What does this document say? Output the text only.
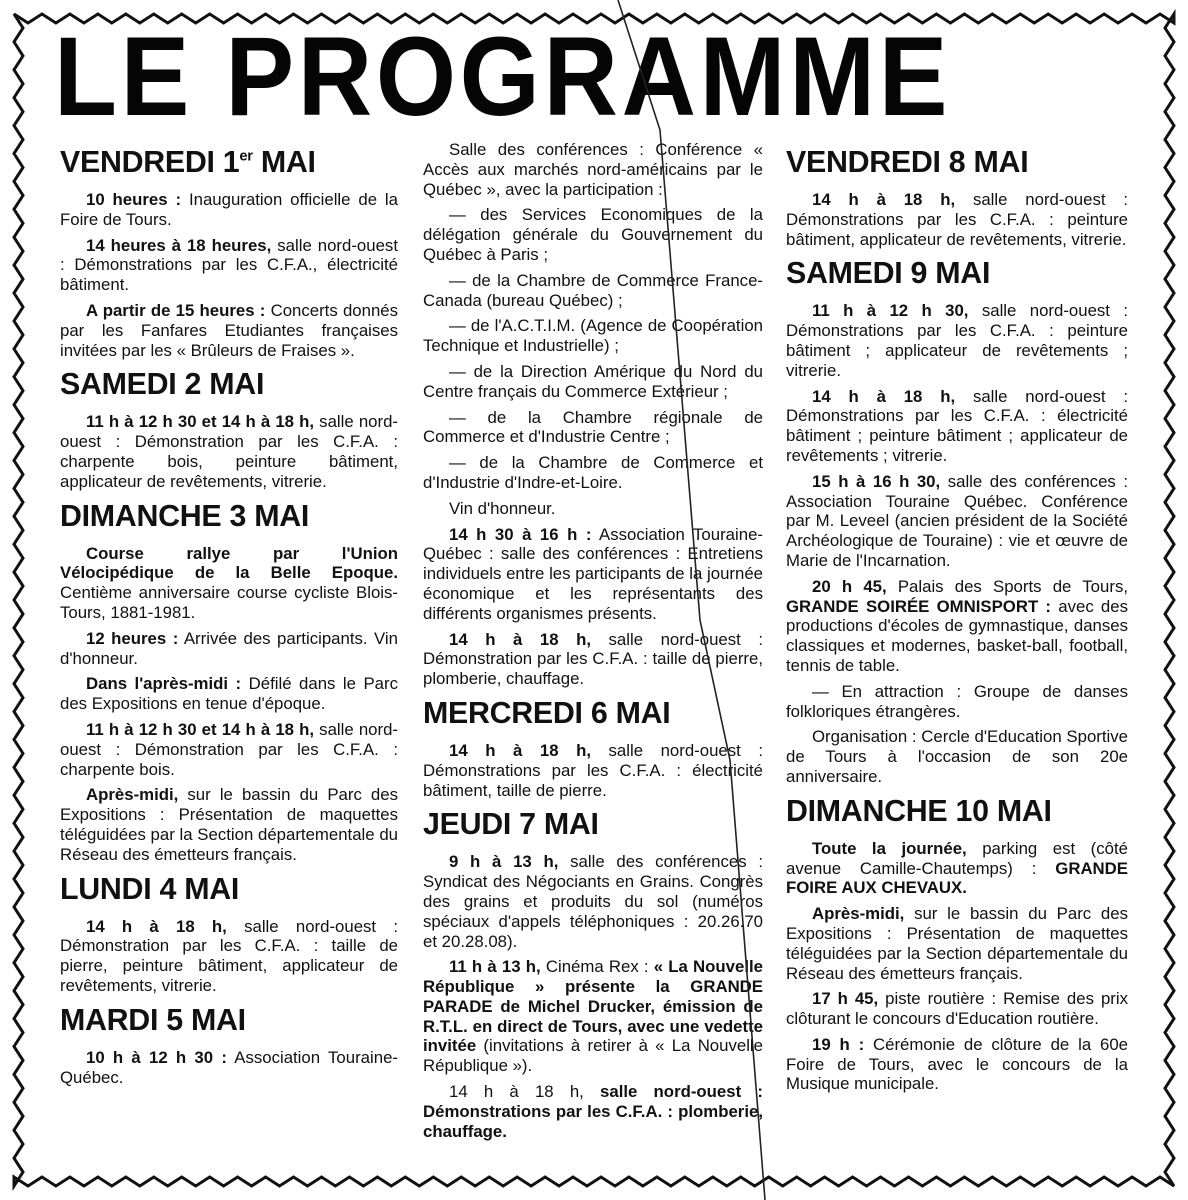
LE PROGRAMME
VENDREDI 1er MAI

10 heures : Inauguration officielle de la Foire de Tours.

14 heures à 18 heures, salle nord-ouest : Démonstrations par les C.F.A., électricité bâtiment.

A partir de 15 heures : Concerts donnés par les Fanfares Etudiantes françaises invitées par les « Brûleurs de Fraises ».

SAMEDI 2 MAI

11 h à 12 h 30 et 14 h à 18 h, salle nord-ouest : Démonstration par les C.F.A. : charpente bois, peinture bâtiment, applicateur de revêtements, vitrerie.

DIMANCHE 3 MAI

Course rallye par l'Union Vélocipédique de la Belle Epoque. Centième anniversaire course cycliste Blois-Tours, 1881-1981.

12 heures : Arrivée des participants. Vin d'honneur.

Dans l'après-midi : Défilé dans le Parc des Expositions en tenue d'époque.

11 h à 12 h 30 et 14 h à 18 h, salle nord-ouest : Démonstration par les C.F.A. : charpente bois.

Après-midi, sur le bassin du Parc des Expositions : Présentation de maquettes téléguidées par la Section départementale du Réseau des émetteurs français.

LUNDI 4 MAI

14 h à 18 h, salle nord-ouest : Démonstration par les C.F.A. : taille de pierre, peinture bâtiment, applicateur de revêtements, vitrerie.

MARDI 5 MAI

10 h à 12 h 30 : Association Touraine-Québec.

Salle des conférences : Conférence « Accès aux marchés nord-américains par le Québec », avec la participation :

— des Services Economiques de la délégation générale du Gouvernement du Québec à Paris ;

— de la Chambre de Commerce France-Canada (bureau Québec) ;

— de l'A.C.T.I.M. (Agence de Coopération Technique et Industrielle) ;

— de la Direction Amérique du Nord du Centre français du Commerce Extérieur ;

— de la Chambre régionale de Commerce et d'Industrie Centre ;

— de la Chambre de Commerce et d'Industrie d'Indre-et-Loire.

Vin d'honneur.

14 h 30 à 16 h : Association Touraine-Québec : salle des conférences : Entretiens individuels entre les participants de la journée économique et les représentants des différents organismes présents.

14 h à 18 h, salle nord-ouest : Démonstration par les C.F.A. : taille de pierre, plomberie, chauffage.

MERCREDI 6 MAI

14 h à 18 h, salle nord-ouest : Démonstrations par les C.F.A. : électricité bâtiment, taille de pierre.

JEUDI 7 MAI

9 h à 13 h, salle des conférences : Syndicat des Négociants en Grains. Congrès des grains et produits du sol (numéros spéciaux d'appels téléphoniques : 20.26.70 et 20.28.08).

11 h à 13 h, Cinéma Rex : « La Nouvelle République » présente la GRANDE PARADE de Michel Drucker, émission de R.T.L. en direct de Tours, avec une vedette invitée (invitations à retirer à « La Nouvelle République »).

14 h à 18 h, salle nord-ouest : Démonstrations par les C.F.A. : plomberie, chauffage.

VENDREDI 8 MAI

14 h à 18 h, salle nord-ouest : Démonstrations par les C.F.A. : peinture bâtiment, applicateur de revêtements, vitrerie.

SAMEDI 9 MAI

11 h à 12 h 30, salle nord-ouest : Démonstrations par les C.F.A. : peinture bâtiment ; applicateur de revêtements ; vitrerie.

14 h à 18 h, salle nord-ouest : Démonstrations par les C.F.A. : électricité bâtiment ; peinture bâtiment ; applicateur de revêtements ; vitrerie.

15 h à 16 h 30, salle des conférences : Association Touraine Québec. Conférence par M. Leveel (ancien président de la Société Archéologique de Touraine) : vie et œuvre de Marie de l'Incarnation.

20 h 45, Palais des Sports de Tours, GRANDE SOIRÉE OMNISPORT : avec des productions d'écoles de gymnastique, danses classiques et modernes, basket-ball, football, tennis de table.

— En attraction : Groupe de danses folkloriques étrangères.

Organisation : Cercle d'Education Sportive de Tours à l'occasion de son 20e anniversaire.

DIMANCHE 10 MAI

Toute la journée, parking est (côté avenue Camille-Chautemps) : GRANDE FOIRE AUX CHEVAUX.

Après-midi, sur le bassin du Parc des Expositions : Présentation de maquettes téléguidées par la Section départementale du Réseau des émetteurs français.

17 h 45, piste routière : Remise des prix clôturant le concours d'Education routière.

19 h : Cérémonie de clôture de la 60e Foire de Tours, avec le concours de la Musique municipale.
